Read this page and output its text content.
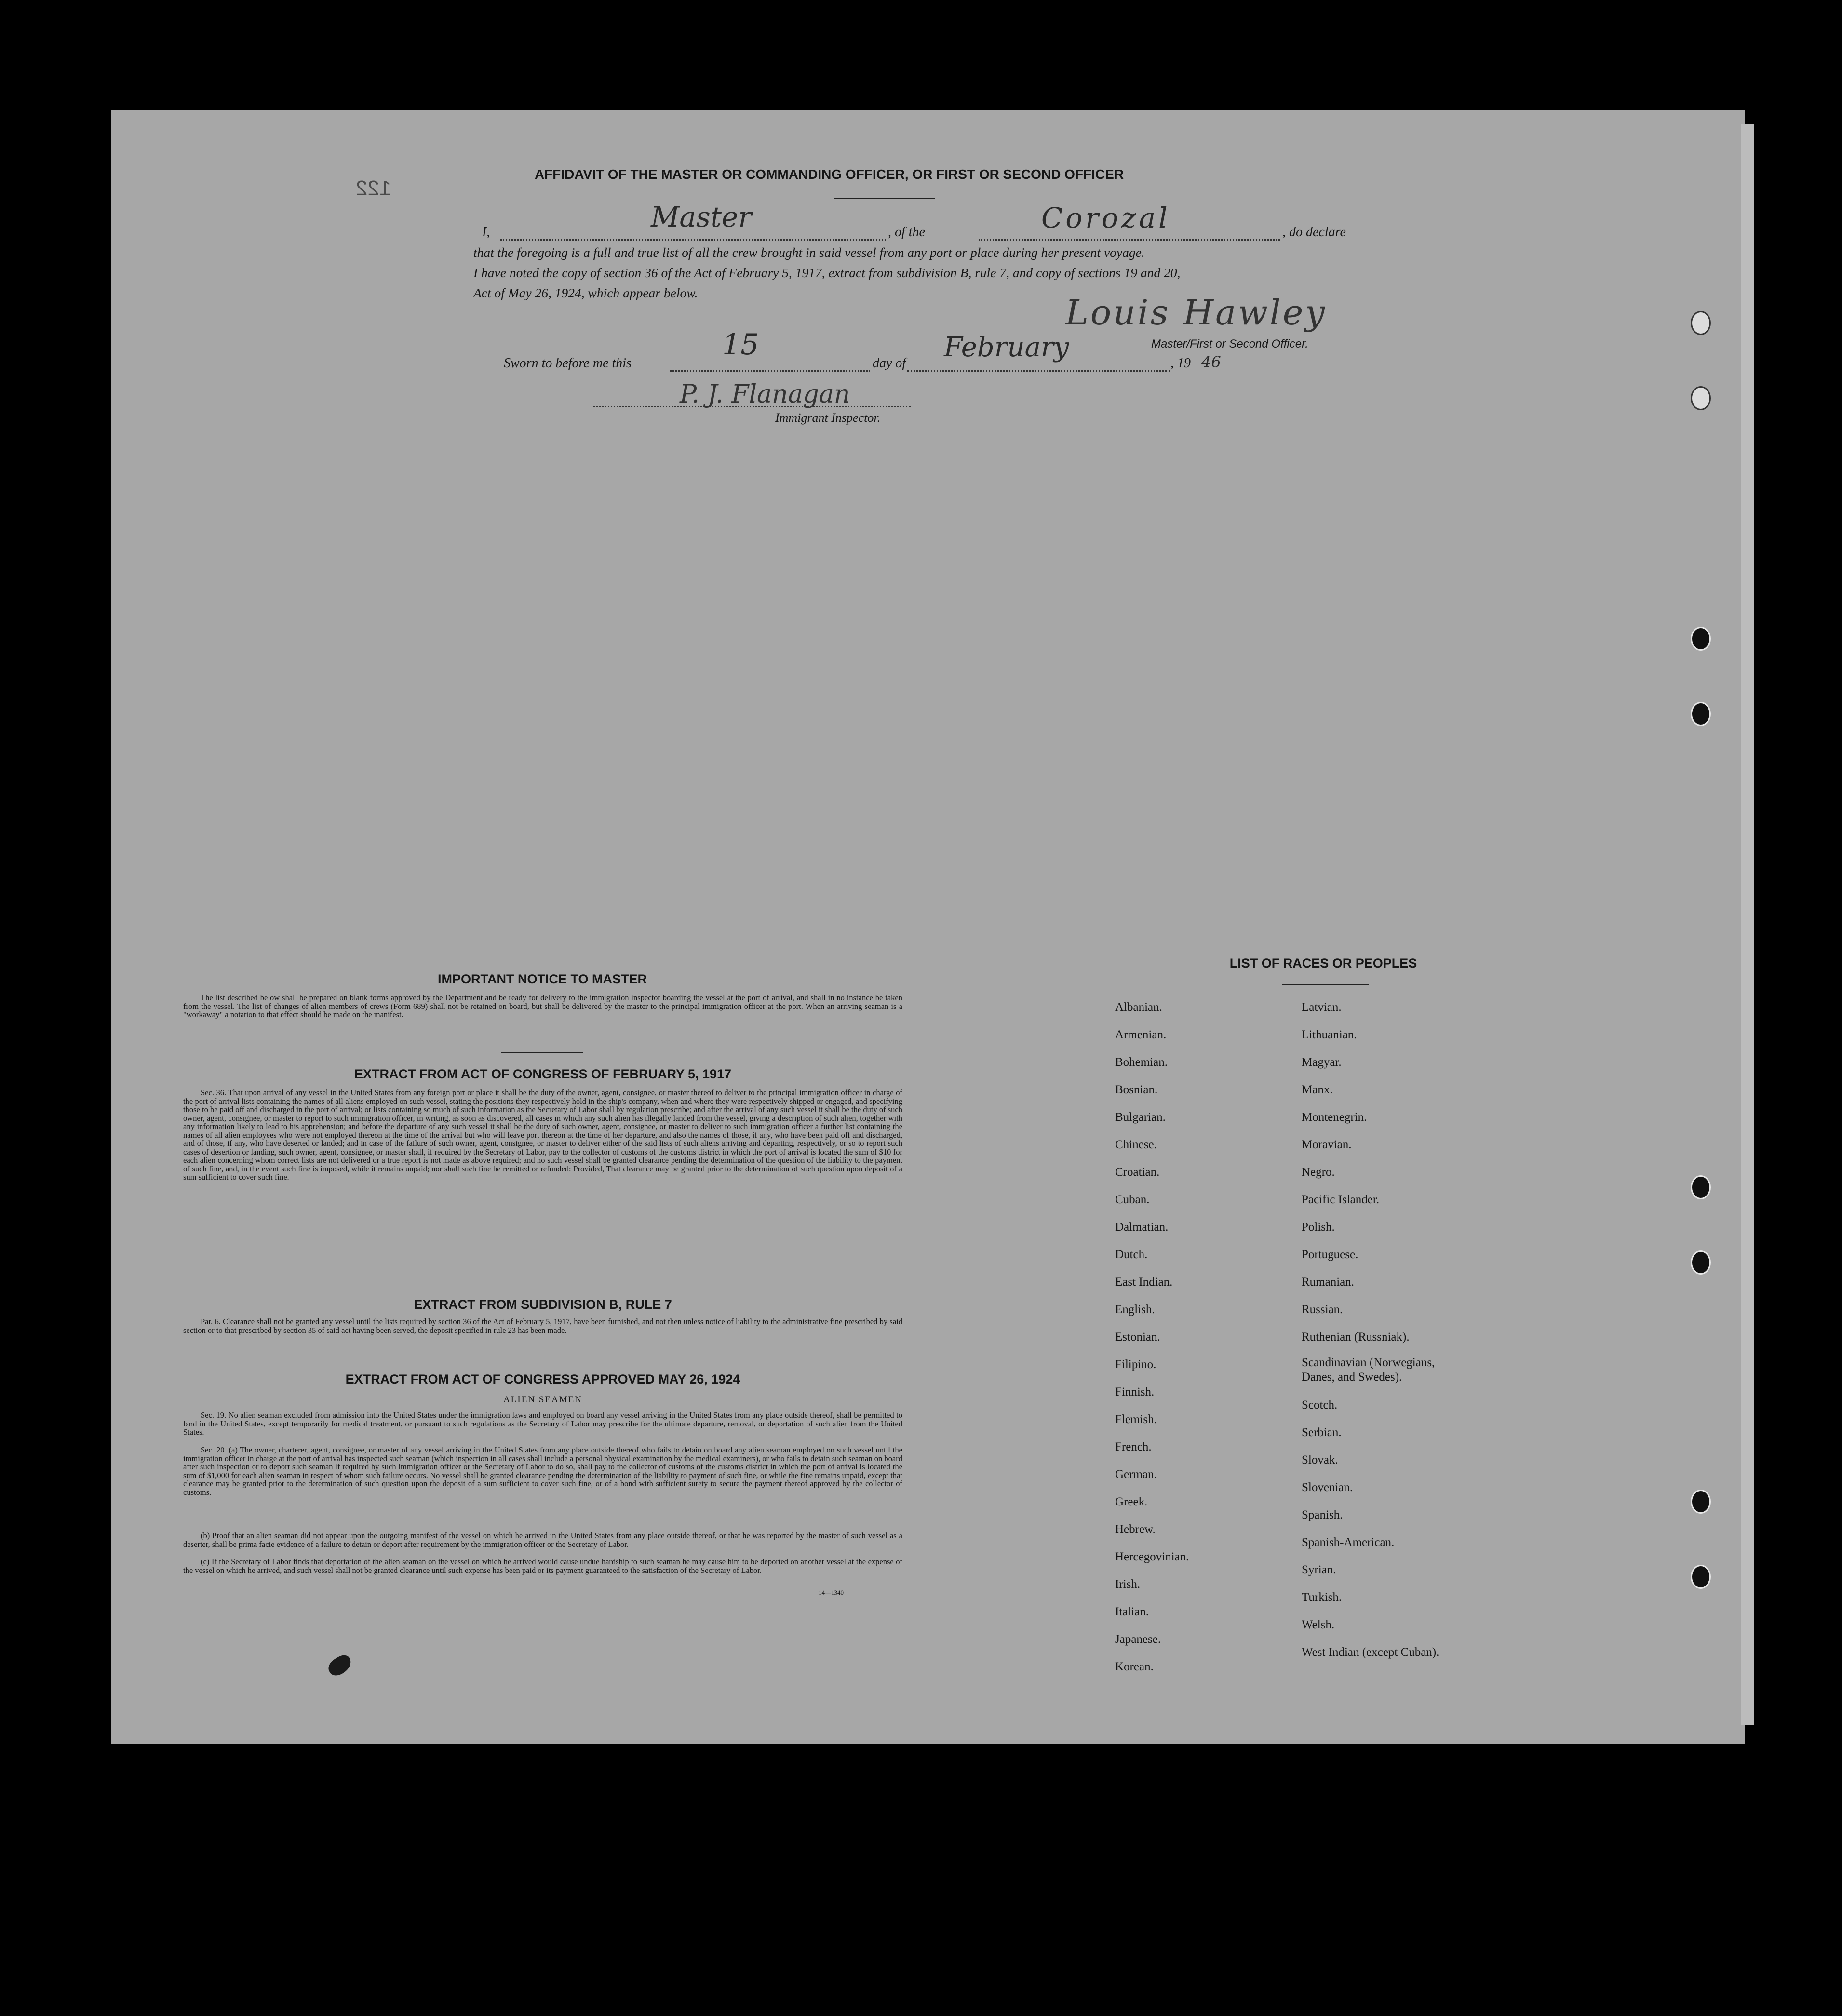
122
AFFIDAVIT OF THE MASTER OR COMMANDING OFFICER, OR FIRST OR SECOND OFFICER
I,	Master	, of the	Corozal	, do declare
that the foregoing is a full and true list of all the crew brought in said vessel from any port or place during her present voyage.
I have noted the copy of section 36 of the Act of February 5, 1917, extract from subdivision B, rule 7, and copy of sections 19 and 20,
Act of May 26, 1924, which appear below.	Louis Hawley
Master/First or Second Officer.
Sworn to before me this
15
day of
February
, 19 46
P. J. Flanagan
Immigrant Inspector.
IMPORTANT NOTICE TO MASTER
The list described below shall be prepared on blank forms approved by the Department and be ready for delivery to the immigration inspector boarding the vessel at the port of arrival, and shall in no instance be taken from the vessel. The list of changes of alien members of crews (Form 689) shall not be retained on board, but shall be delivered by the master to the principal immigration officer at the port. When an arriving seaman is a "workaway" a notation to that effect should be made on the manifest.
EXTRACT FROM ACT OF CONGRESS OF FEBRUARY 5, 1917
Sec. 36. That upon arrival of any vessel in the United States from any foreign port or place it shall be the duty of the owner, agent, consignee, or master thereof to deliver to the principal immigration officer in charge of the port of arrival lists containing the names of all aliens employed on such vessel, stating the positions they respectively hold in the ship's company, when and where they were respectively shipped or engaged, and specifying those to be paid off and discharged in the port of arrival; or lists containing so much of such information as the Secretary of Labor shall by regulation prescribe; and after the arrival of any such vessel it shall be the duty of such owner, agent, consignee, or master to report to such immigration officer, in writing, as soon as discovered, all cases in which any such alien has illegally landed from the vessel, giving a description of such alien, together with any information likely to lead to his apprehension; and before the departure of any such vessel it shall be the duty of such owner, agent, consignee, or master to deliver to such immigration officer a further list containing the names of all alien employees who were not employed thereon at the time of the arrival but who will leave port thereon at the time of her departure, and also the names of those, if any, who have been paid off and discharged, and of those, if any, who have deserted or landed; and in case of the failure of such owner, agent, consignee, or master to deliver either of the said lists of such aliens arriving and departing, respectively, or so to report such cases of desertion or landing, such owner, agent, consignee, or master shall, if required by the Secretary of Labor, pay to the collector of customs of the customs district in which the port of arrival is located the sum of $10 for each alien concerning whom correct lists are not delivered or a true report is not made as above required; and no such vessel shall be granted clearance pending the determination of the question of the liability to the payment of such fine, and, in the event such fine is imposed, while it remains unpaid; nor shall such fine be remitted or refunded: Provided, That clearance may be granted prior to the determination of such question upon deposit of a sum sufficient to cover such fine.
EXTRACT FROM SUBDIVISION B, RULE 7
Par. 6. Clearance shall not be granted any vessel until the lists required by section 36 of the Act of February 5, 1917, have been furnished, and not then unless notice of liability to the administrative fine prescribed by said section or to that prescribed by section 35 of said act having been served, the deposit specified in rule 23 has been made.
EXTRACT FROM ACT OF CONGRESS APPROVED MAY 26, 1924
ALIEN SEAMEN
Sec. 19. No alien seaman excluded from admission into the United States under the immigration laws and employed on board any vessel arriving in the United States from any place outside thereof, shall be permitted to land in the United States, except temporarily for medical treatment, or pursuant to such regulations as the Secretary of Labor may prescribe for the ultimate departure, removal, or deportation of such alien from the United States.
Sec. 20. (a) The owner, charterer, agent, consignee, or master of any vessel arriving in the United States from any place outside thereof who fails to detain on board any alien seaman employed on such vessel until the immigration officer in charge at the port of arrival has inspected such seaman (which inspection in all cases shall include a personal physical examination by the medical examiners), or who fails to detain such seaman on board after such inspection or to deport such seaman if required by such immigration officer or the Secretary of Labor to do so, shall pay to the collector of customs of the customs district in which the port of arrival is located the sum of $1,000 for each alien seaman in respect of whom such failure occurs. No vessel shall be granted clearance pending the determination of the liability to payment of such fine, or while the fine remains unpaid, except that clearance may be granted prior to the determination of such question upon the deposit of a sum sufficient to cover such fine, or of a bond with sufficient surety to secure the payment thereof approved by the collector of customs.
(b) Proof that an alien seaman did not appear upon the outgoing manifest of the vessel on which he arrived in the United States from any place outside thereof, or that he was reported by the master of such vessel as a deserter, shall be prima facie evidence of a failure to detain or deport after requirement by the immigration officer or the Secretary of Labor.
(c) If the Secretary of Labor finds that deportation of the alien seaman on the vessel on which he arrived would cause undue hardship to such seaman he may cause him to be deported on another vessel at the expense of the vessel on which he arrived, and such vessel shall not be granted clearance until such expense has been paid or its payment guaranteed to the satisfaction of the Secretary of Labor.
14—1340
LIST OF RACES OR PEOPLES
Albanian.
Armenian.
Bohemian.
Bosnian.
Bulgarian.
Chinese.
Croatian.
Cuban.
Dalmatian.
Dutch.
East Indian.
English.
Estonian.
Filipino.
Finnish.
Flemish.
French.
German.
Greek.
Hebrew.
Hercegovinian.
Irish.
Italian.
Japanese.
Korean.
Latvian.
Lithuanian.
Magyar.
Manx.
Montenegrin.
Moravian.
Negro.
Pacific Islander.
Polish.
Portuguese.
Rumanian.
Russian.
Ruthenian (Russniak).
Scandinavian (Norwegians,
Danes, and Swedes).
Scotch.
Serbian.
Slovak.
Slovenian.
Spanish.
Spanish-American.
Syrian.
Turkish.
Welsh.
West Indian (except Cuban).
